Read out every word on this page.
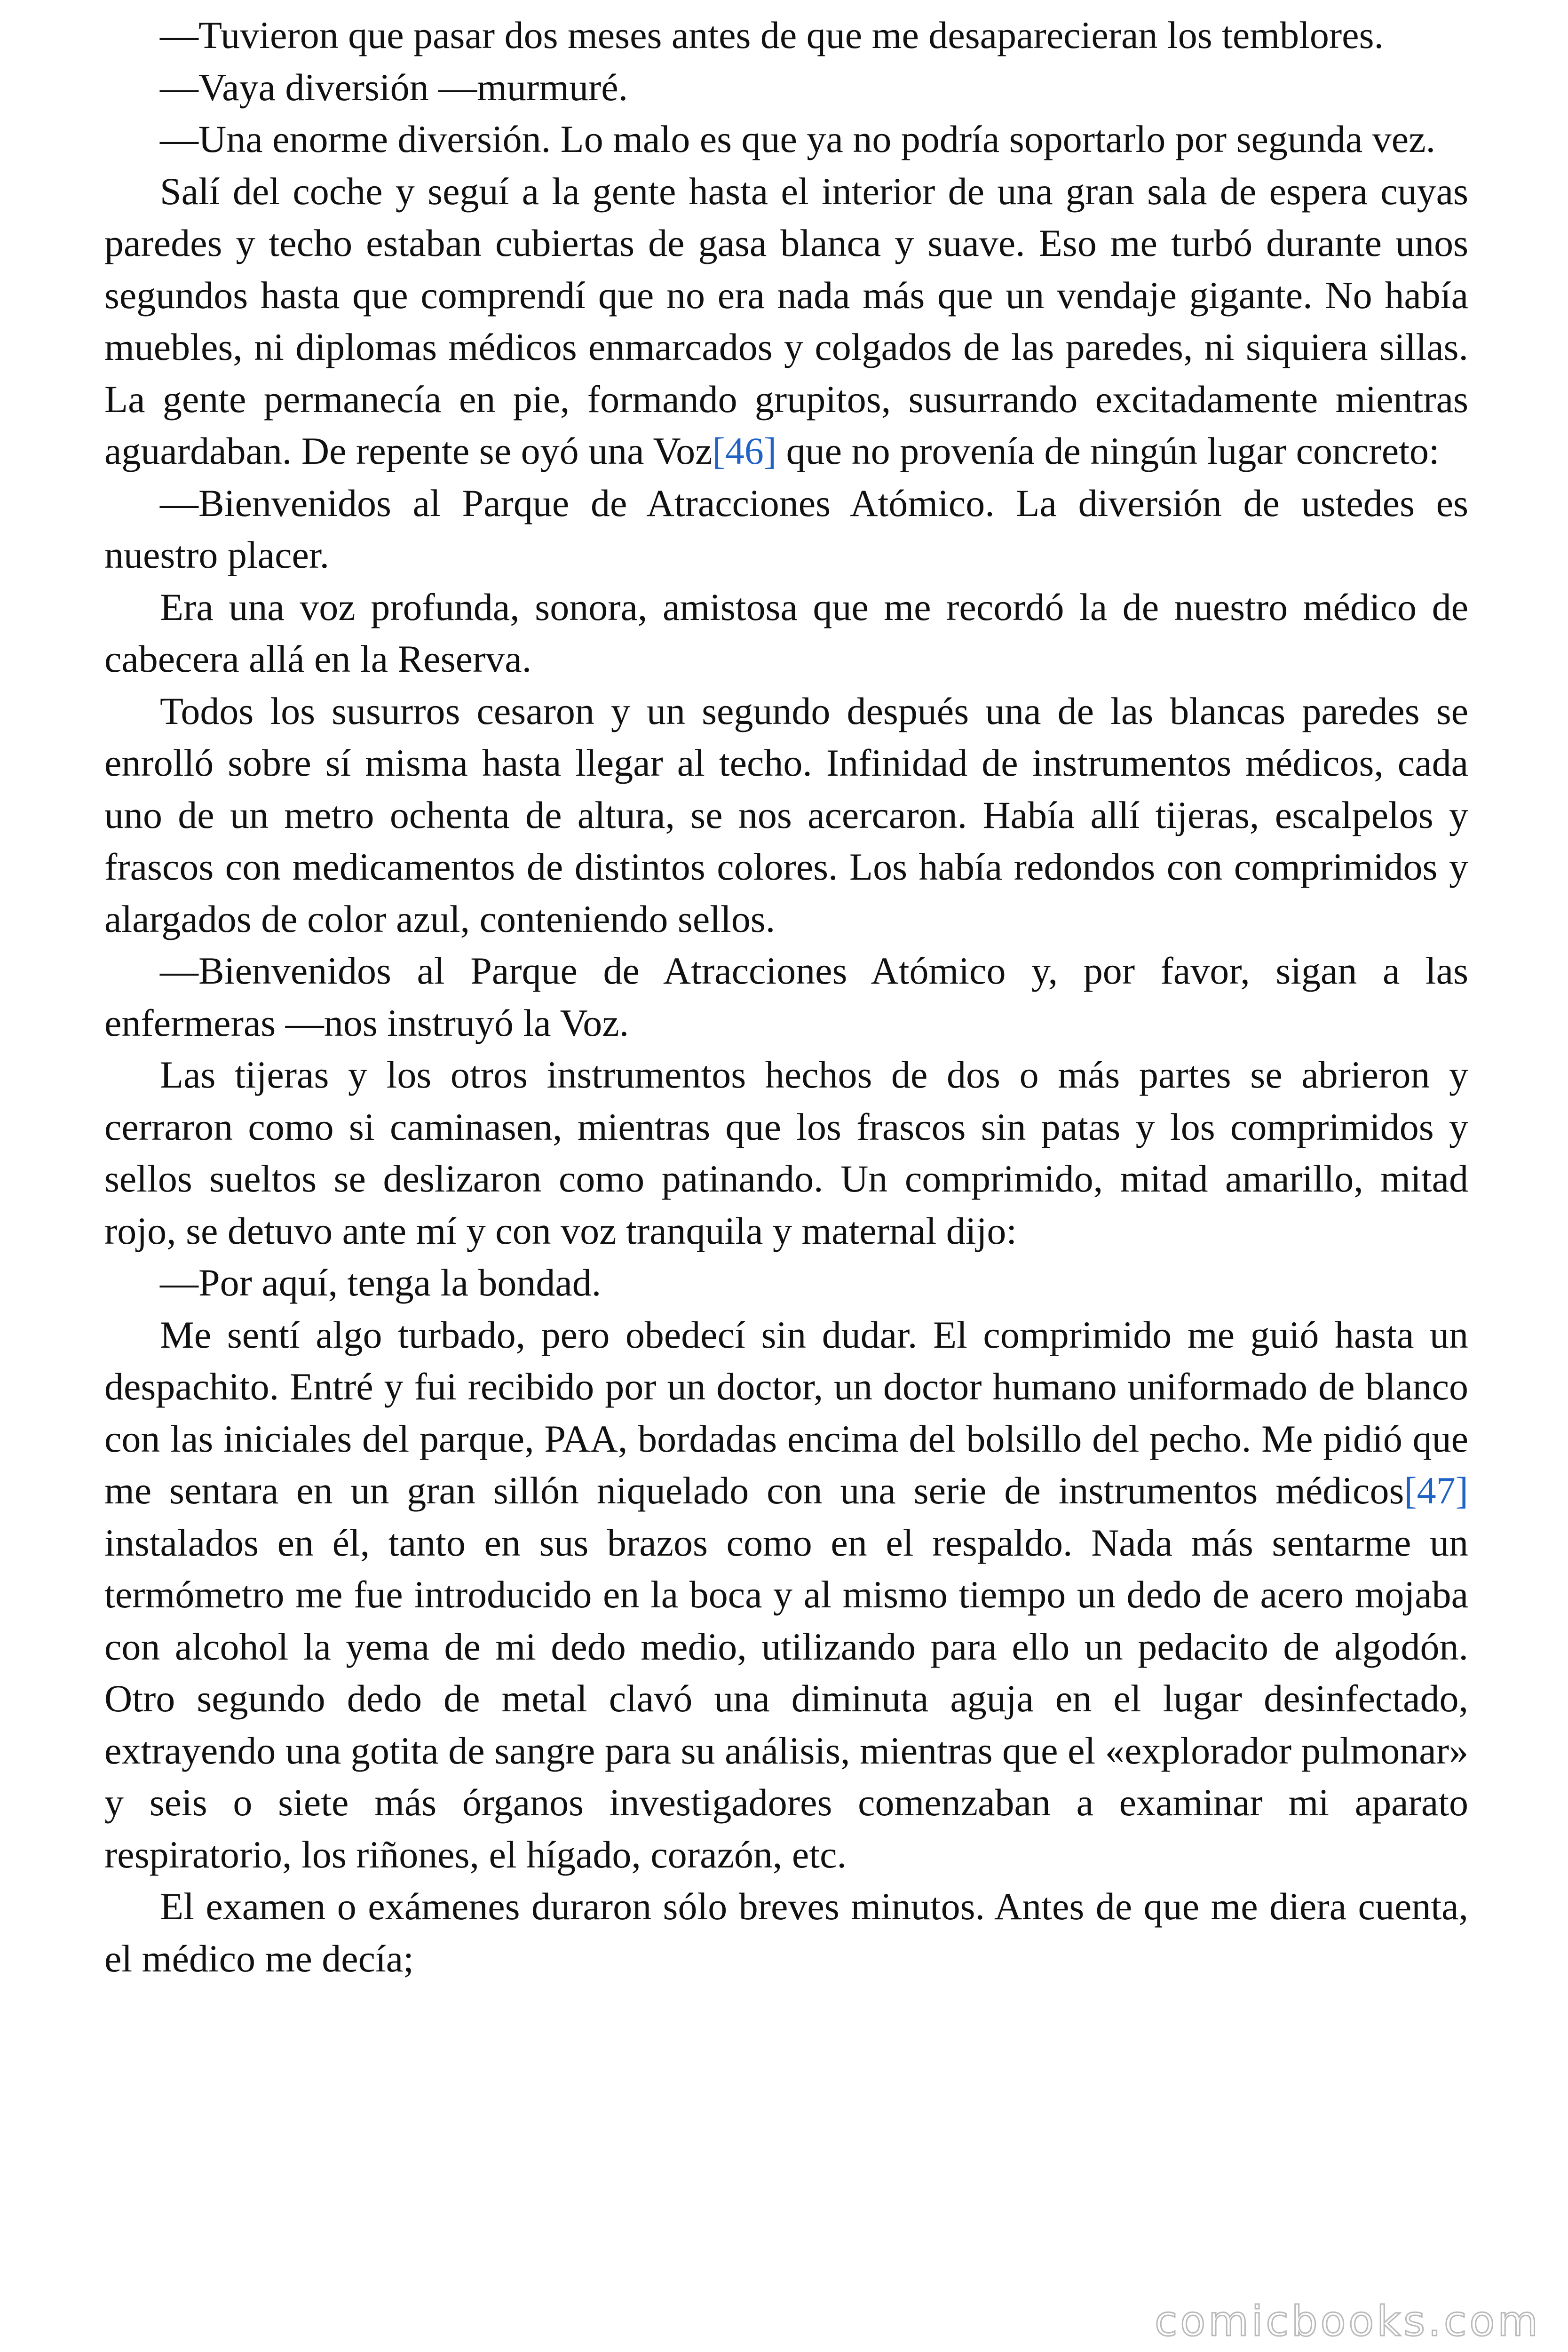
—Tuvieron que pasar dos meses antes de que me desaparecieran los temblores.

—Vaya diversión —murmuré.

—Una enorme diversión. Lo malo es que ya no podría soportarlo por segunda vez.

Salí del coche y seguí a la gente hasta el interior de una gran sala de espera cuyas paredes y techo estaban cubiertas de gasa blanca y suave. Eso me turbó durante unos segundos hasta que comprendí que no era nada más que un vendaje gigante. No había muebles, ni diplomas médicos enmarcados y colgados de las paredes, ni siquiera sillas. La gente permanecía en pie, formando grupitos, susurrando excitadamente mientras aguardaban. De repente se oyó una Voz[46] que no provenía de ningún lugar concreto:

—Bienvenidos al Parque de Atracciones Atómico. La diversión de ustedes es nuestro placer.

Era una voz profunda, sonora, amistosa que me recordó la de nuestro médico de cabecera allá en la Reserva.

Todos los susurros cesaron y un segundo después una de las blancas paredes se enrolló sobre sí misma hasta llegar al techo. Infinidad de instrumentos médicos, cada uno de un metro ochenta de altura, se nos acercaron. Había allí tijeras, escalpelos y frascos con medicamentos de distintos colores. Los había redondos con comprimidos y alargados de color azul, conteniendo sellos.

—Bienvenidos al Parque de Atracciones Atómico y, por favor, sigan a las enfermeras —nos instruyó la Voz.

Las tijeras y los otros instrumentos hechos de dos o más partes se abrieron y cerraron como si caminasen, mientras que los frascos sin patas y los comprimidos y sellos sueltos se deslizaron como patinando. Un comprimido, mitad amarillo, mitad rojo, se detuvo ante mí y con voz tranquila y maternal dijo:

—Por aquí, tenga la bondad.

Me sentí algo turbado, pero obedecí sin dudar. El comprimido me guió hasta un despachito. Entré y fui recibido por un doctor, un doctor humano uniformado de blanco con las iniciales del parque, PAA, bordadas encima del bolsillo del pecho. Me pidió que me sentara en un gran sillón niquelado con una serie de instrumentos médicos[47] instalados en él, tanto en sus brazos como en el respaldo. Nada más sentarme un termómetro me fue introducido en la boca y al mismo tiempo un dedo de acero mojaba con alcohol la yema de mi dedo medio, utilizando para ello un pedacito de algodón. Otro segundo dedo de metal clavó una diminuta aguja en el lugar desinfectado, extrayendo una gotita de sangre para su análisis, mientras que el «explorador pulmonar» y seis o siete más órganos investigadores comenzaban a examinar mi aparato respiratorio, los riñones, el hígado, corazón, etc.

El examen o exámenes duraron sólo breves minutos. Antes de que me diera cuenta, el médico me decía;

comicbooks.com
